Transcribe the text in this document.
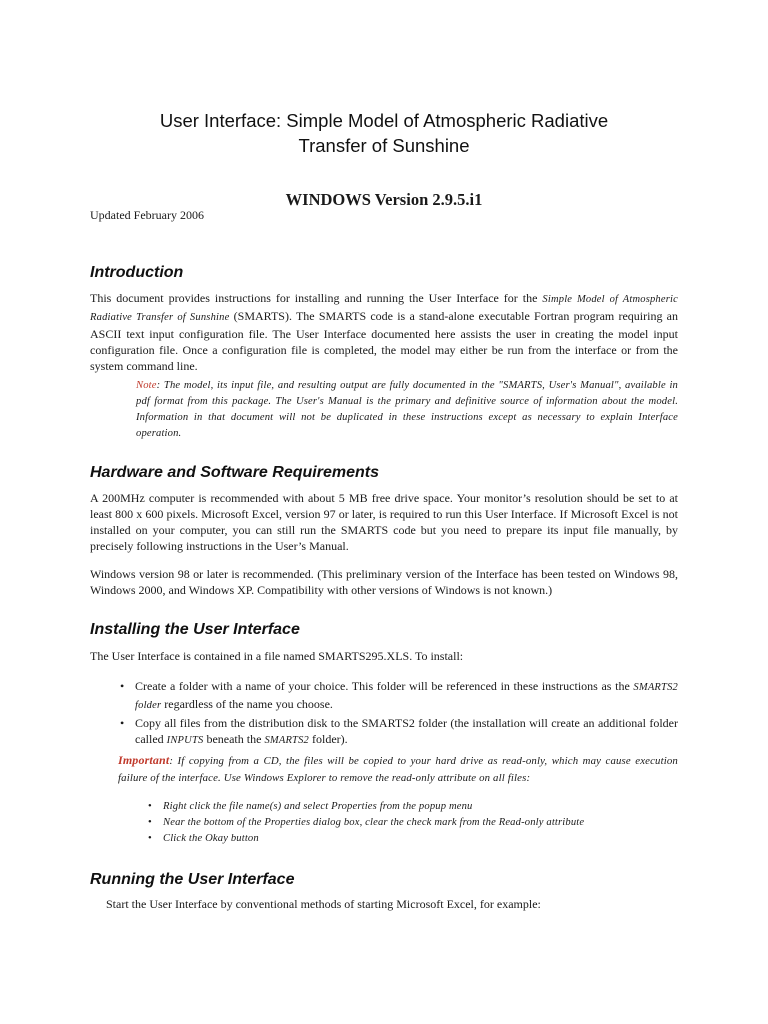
User Interface: Simple Model of Atmospheric Radiative
Transfer of Sunshine
WINDOWS Version 2.9.5.i1
Updated February 2006
Introduction

This document provides instructions for installing and running the User Interface for the Simple Model of Atmospheric Radiative Transfer of Sunshine (SMARTS). The SMARTS code is a stand-alone executable Fortran program requiring an ASCII text input configuration file. The User Interface documented here assists the user in creating the model input configuration file. Once a configuration file is completed, the model may either be run from the interface or from the system command line.

Note: The model, its input file, and resulting output are fully documented in the "SMARTS, User's Manual", available in pdf format from this package. The User's Manual is the primary and definitive source of information about the model. Information in that document will not be duplicated in these instructions except as necessary to explain Interface operation.

Hardware and Software Requirements

A 200MHz computer is recommended with about 5 MB free drive space. Your monitor’s resolution should be set to at least 800 x 600 pixels. Microsoft Excel, version 97 or later, is required to run this User Interface. If Microsoft Excel is not installed on your computer, you can still run the SMARTS code but you need to prepare its input file manually, by precisely following instructions in the User’s Manual.

Windows version 98 or later is recommended. (This preliminary version of the Interface has been tested on Windows 98, Windows 2000, and Windows XP. Compatibility with other versions of Windows is not known.)

Installing the User Interface

The User Interface is contained in a file named SMARTS295.XLS. To install:

• Create a folder with a name of your choice. This folder will be referenced in these instructions as the SMARTS2 folder regardless of the name you choose.
• Copy all files from the distribution disk to the SMARTS2 folder (the installation will create an additional folder called INPUTS beneath the SMARTS2 folder).

Important: If copying from a CD, the files will be copied to your hard drive as read-only, which may cause execution failure of the interface. Use Windows Explorer to remove the read-only attribute on all files:

• Right click the file name(s) and select Properties from the popup menu
• Near the bottom of the Properties dialog box, clear the check mark from the Read-only attribute
• Click the Okay button
Running the User Interface

Start the User Interface by conventional methods of starting Microsoft Excel, for example:
